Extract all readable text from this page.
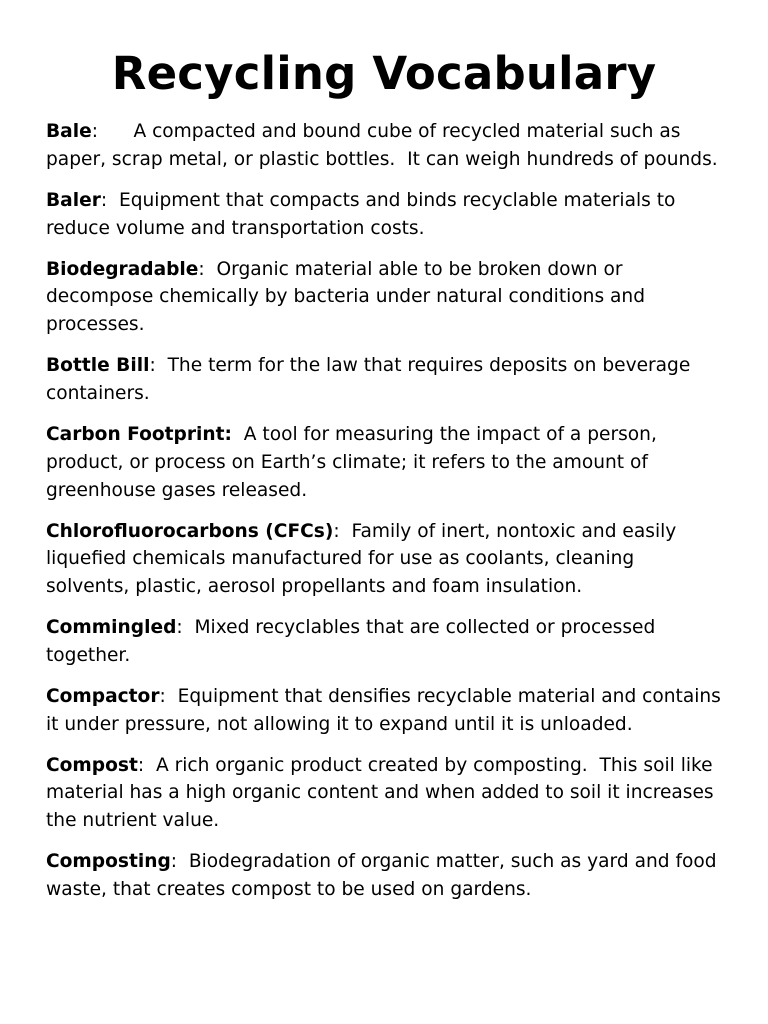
Recycling Vocabulary

Bale:      A compacted and bound cube of recycled material such as paper, scrap metal, or plastic bottles.  It can weigh hundreds of pounds.

Baler:  Equipment that compacts and binds recyclable materials to reduce volume and transportation costs.

Biodegradable:  Organic material able to be broken down or decompose chemically by bacteria under natural conditions and processes.

Bottle Bill:  The term for the law that requires deposits on beverage containers.

Carbon Footprint: A tool for measuring the impact of a person, product, or process on Earth’s climate; it refers to the amount of greenhouse gases released.

Chlorofluorocarbons (CFCs):  Family of inert, nontoxic and easily liquefied chemicals manufactured for use as coolants, cleaning solvents, plastic, aerosol propellants and foam insulation.

Commingled:  Mixed recyclables that are collected or processed together.

Compactor:  Equipment that densifies recyclable material and contains it under pressure, not allowing it to expand until it is unloaded.

Compost:  A rich organic product created by composting.  This soil like material has a high organic content and when added to soil it increases the nutrient value.

Composting:  Biodegradation of organic matter, such as yard and food waste, that creates compost to be used on gardens.
